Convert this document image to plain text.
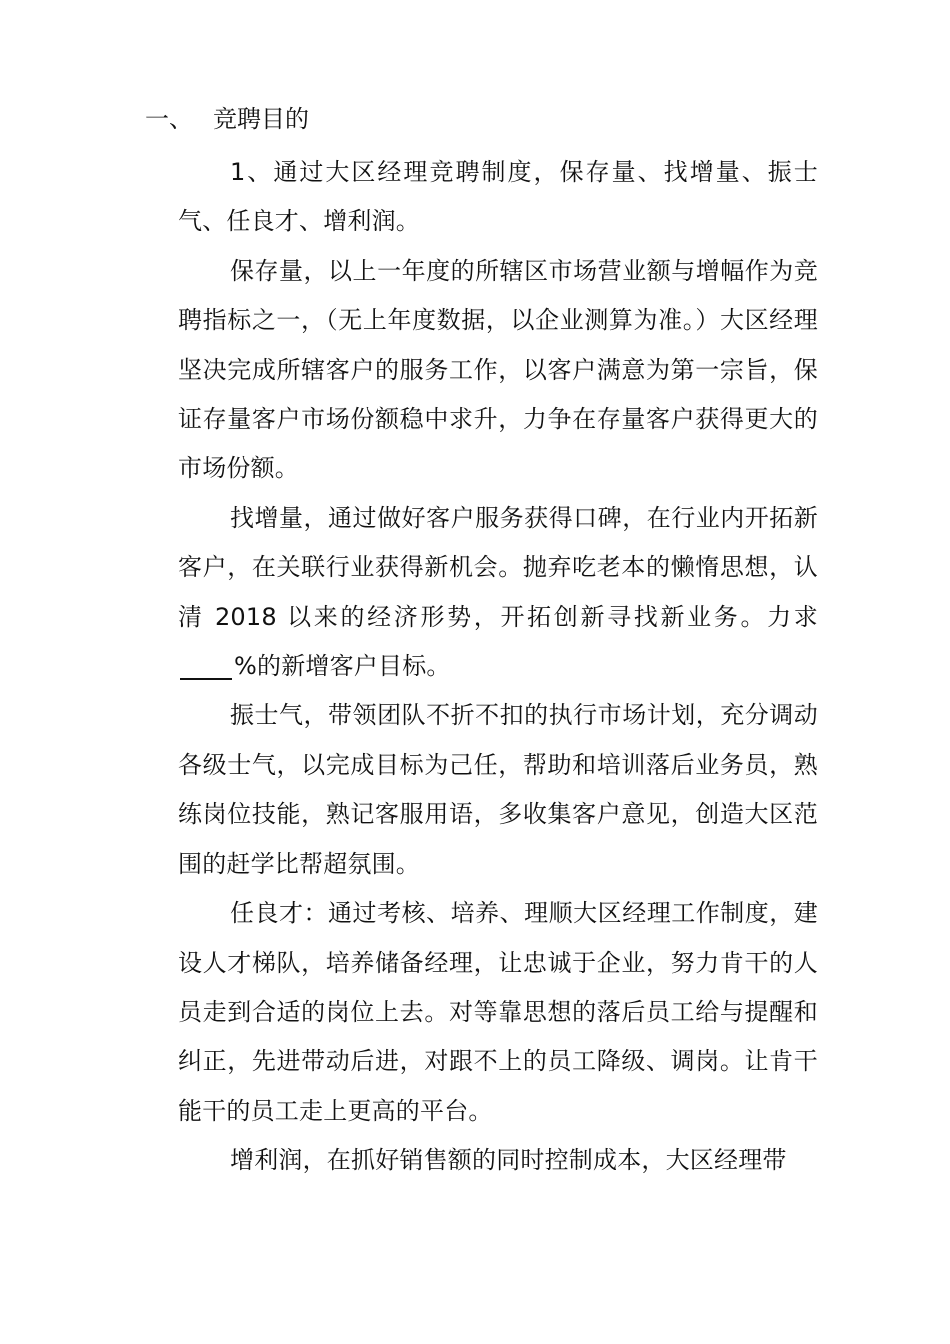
一、 竞聘目的

1、通过大区经理竞聘制度，保存量、找增量、振士气、任良才、增利润。

保存量，以上一年度的所辖区市场营业额与增幅作为竞聘指标之一，（无上年度数据，以企业测算为准。）大区经理坚决完成所辖客户的服务工作，以客户满意为第一宗旨，保证存量客户市场份额稳中求升，力争在存量客户获得更大的市场份额。

找增量，通过做好客户服务获得口碑，在行业内开拓新客户，在关联行业获得新机会。抛弃吃老本的懒惰思想，认清 2018 以来的经济形势，开拓创新寻找新业务。力求%的新增客户目标。

振士气，带领团队不折不扣的执行市场计划，充分调动各级士气，以完成目标为己任，帮助和培训落后业务员，熟练岗位技能，熟记客服用语，多收集客户意见，创造大区范围的赶学比帮超氛围。

任良才：通过考核、培养、理顺大区经理工作制度，建设人才梯队，培养储备经理，让忠诚于企业，努力肯干的人员走到合适的岗位上去。对等靠思想的落后员工给与提醒和纠正，先进带动后进，对跟不上的员工降级、调岗。让肯干能干的员工走上更高的平台。

增利润，在抓好销售额的同时控制成本，大区经理带
